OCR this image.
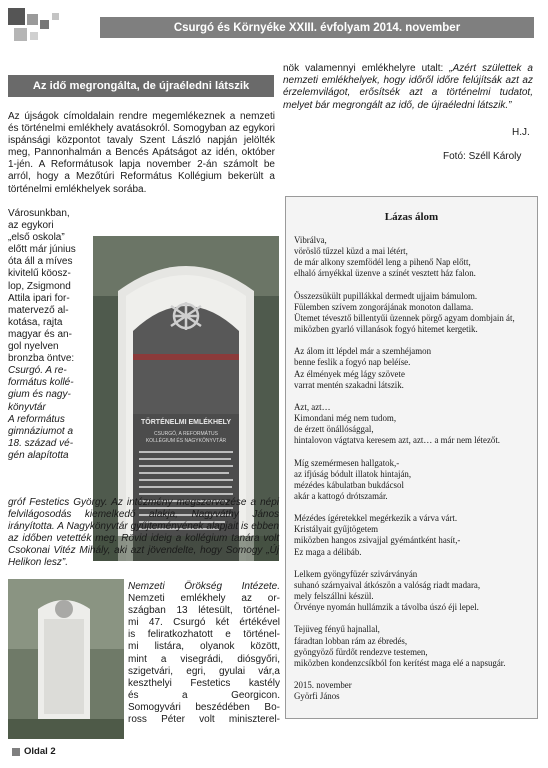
Csurgó és Környéke XXIII. évfolyam 2014. november
Az idő megrongálta, de újraéledni látszik
Az újságok címoldalain rendre megemlékeznek a nemzeti és történelmi emlékhely avatásokról. Somogyban az egykori ispánsági központot tavaly Szent László napján jelölték meg, Pannonhalmán a Bencés Apátságot az idén, október 1-jén. A Reformátusok lapja november 2-án számolt be arról, hogy a Mezőtúri Református Kollégium bekerült a történelmi emlékhelyek sorába.
Városunkban,
az egykori
„első oskola”
előtt már június
óta áll a míves
kivitelű köosz-
lop, Zsigmond
Attila ipari for-
matervező al-
kotása, rajta
magyar és an-
gol nyelven
bronzba öntve:
Csurgó. A re-
formátus kollé-
gium és nagy-
könyvtár
A református
gimnáziumot a
18. század vé-
gén alapította
TÖRTÉNELMI EMLÉKHELY
CSURGÓ, A REFORMÁTUS
KOLLÉGIUM ÉS NAGYKÖNYVTÁR
gróf Festetics György. Az intézmény megszervezése a népi felvilágosodás kiemelkedő alakja, Nagyváthy János irányította. A Nagykönyvtár gyűjteményének alapjait is ebben az időben vetették meg. Rövid ideig a kollégium tanára volt Csokonai Vitéz Mihály, aki azt jövendelte, hogy Somogy „Új Helikon lesz”.
Nemzeti Örökség Intézete.
Nemzeti emlékhely az or-
szágban 13 létesült, történel-
mi 47. Csurgó két értékével
is feliratkozhatott e történel-
mi listára, olyanok között,
mint a visegrádi, diósgyőri,
szigetvári, egri, gyulai vár,a
keszthelyi Festetics kastély
és a Georgicon.
Somogyvári beszédében Bo-
ross Péter volt miniszterel-
nök valamennyi emlékhelyre utalt: „Azért születtek a nemzeti emlékhelyek, hogy időről időre felújítsák azt az érzelemvilágot, erősítsék azt a történelmi tudatot, melyet bár megrongált az idő, de újraéledni látszik.”
H.J.
Fotó: Széll Károly
Lázas álom
Vibrálva,
vöröslő tűzzel küzd a mai létért,
de már alkony szemfödél leng a pihenő Nap előtt,
elhaló árnyékkal üzenve a színét vesztett ház falon.
Összezsükült pupillákkal dermedt ujjaim bámulom.
Fülemben szívem zongorájának monoton dallama.
Ütemet tévesztő billentyűi üzennek pörgő agyam dombjain át,
miközben gyarló villanások fogyó hitemet kergetik.
Az álom itt lépdel már a szemhéjamon
benne feslik a fogyó nap beléíse.
Az élmények még lágy szövete
varrat mentén szakadni látszik.
Azt, azt…
Kimondani még nem tudom,
de érzett önállósággal,
hintalovon vágtatva keresem azt, azt… a már nem létezőt.
Míg szemérmesen hallgatok,-
az ifjúság bódult illatok hintaján,
mézédes kábulatban bukdácsol
akár a kattogó drótszamár.
Mézédes ígéretekkel megérkezik a várva várt.
Kristályait gyűjtögetem
miközben hangos zsivajjal gyémántként hasít,-
Ez maga a délibáb.
Lelkem gyöngyfüzér szivárványán
suhanó szárnyaival átkószön a valóság riadt madara,
mely felszállni készül.
Örvénye nyomán hullámzik a távolba úszó éji lepel.
Tejüveg fényű hajnallal,
fáradtan lobban rám az ébredés,
gyöngyöző fürdőt rendezve testemen,
miközben kondenzcsíkból fon kerítést maga elé a napsugár.
2015. november
Györfi János
Oldal 2
